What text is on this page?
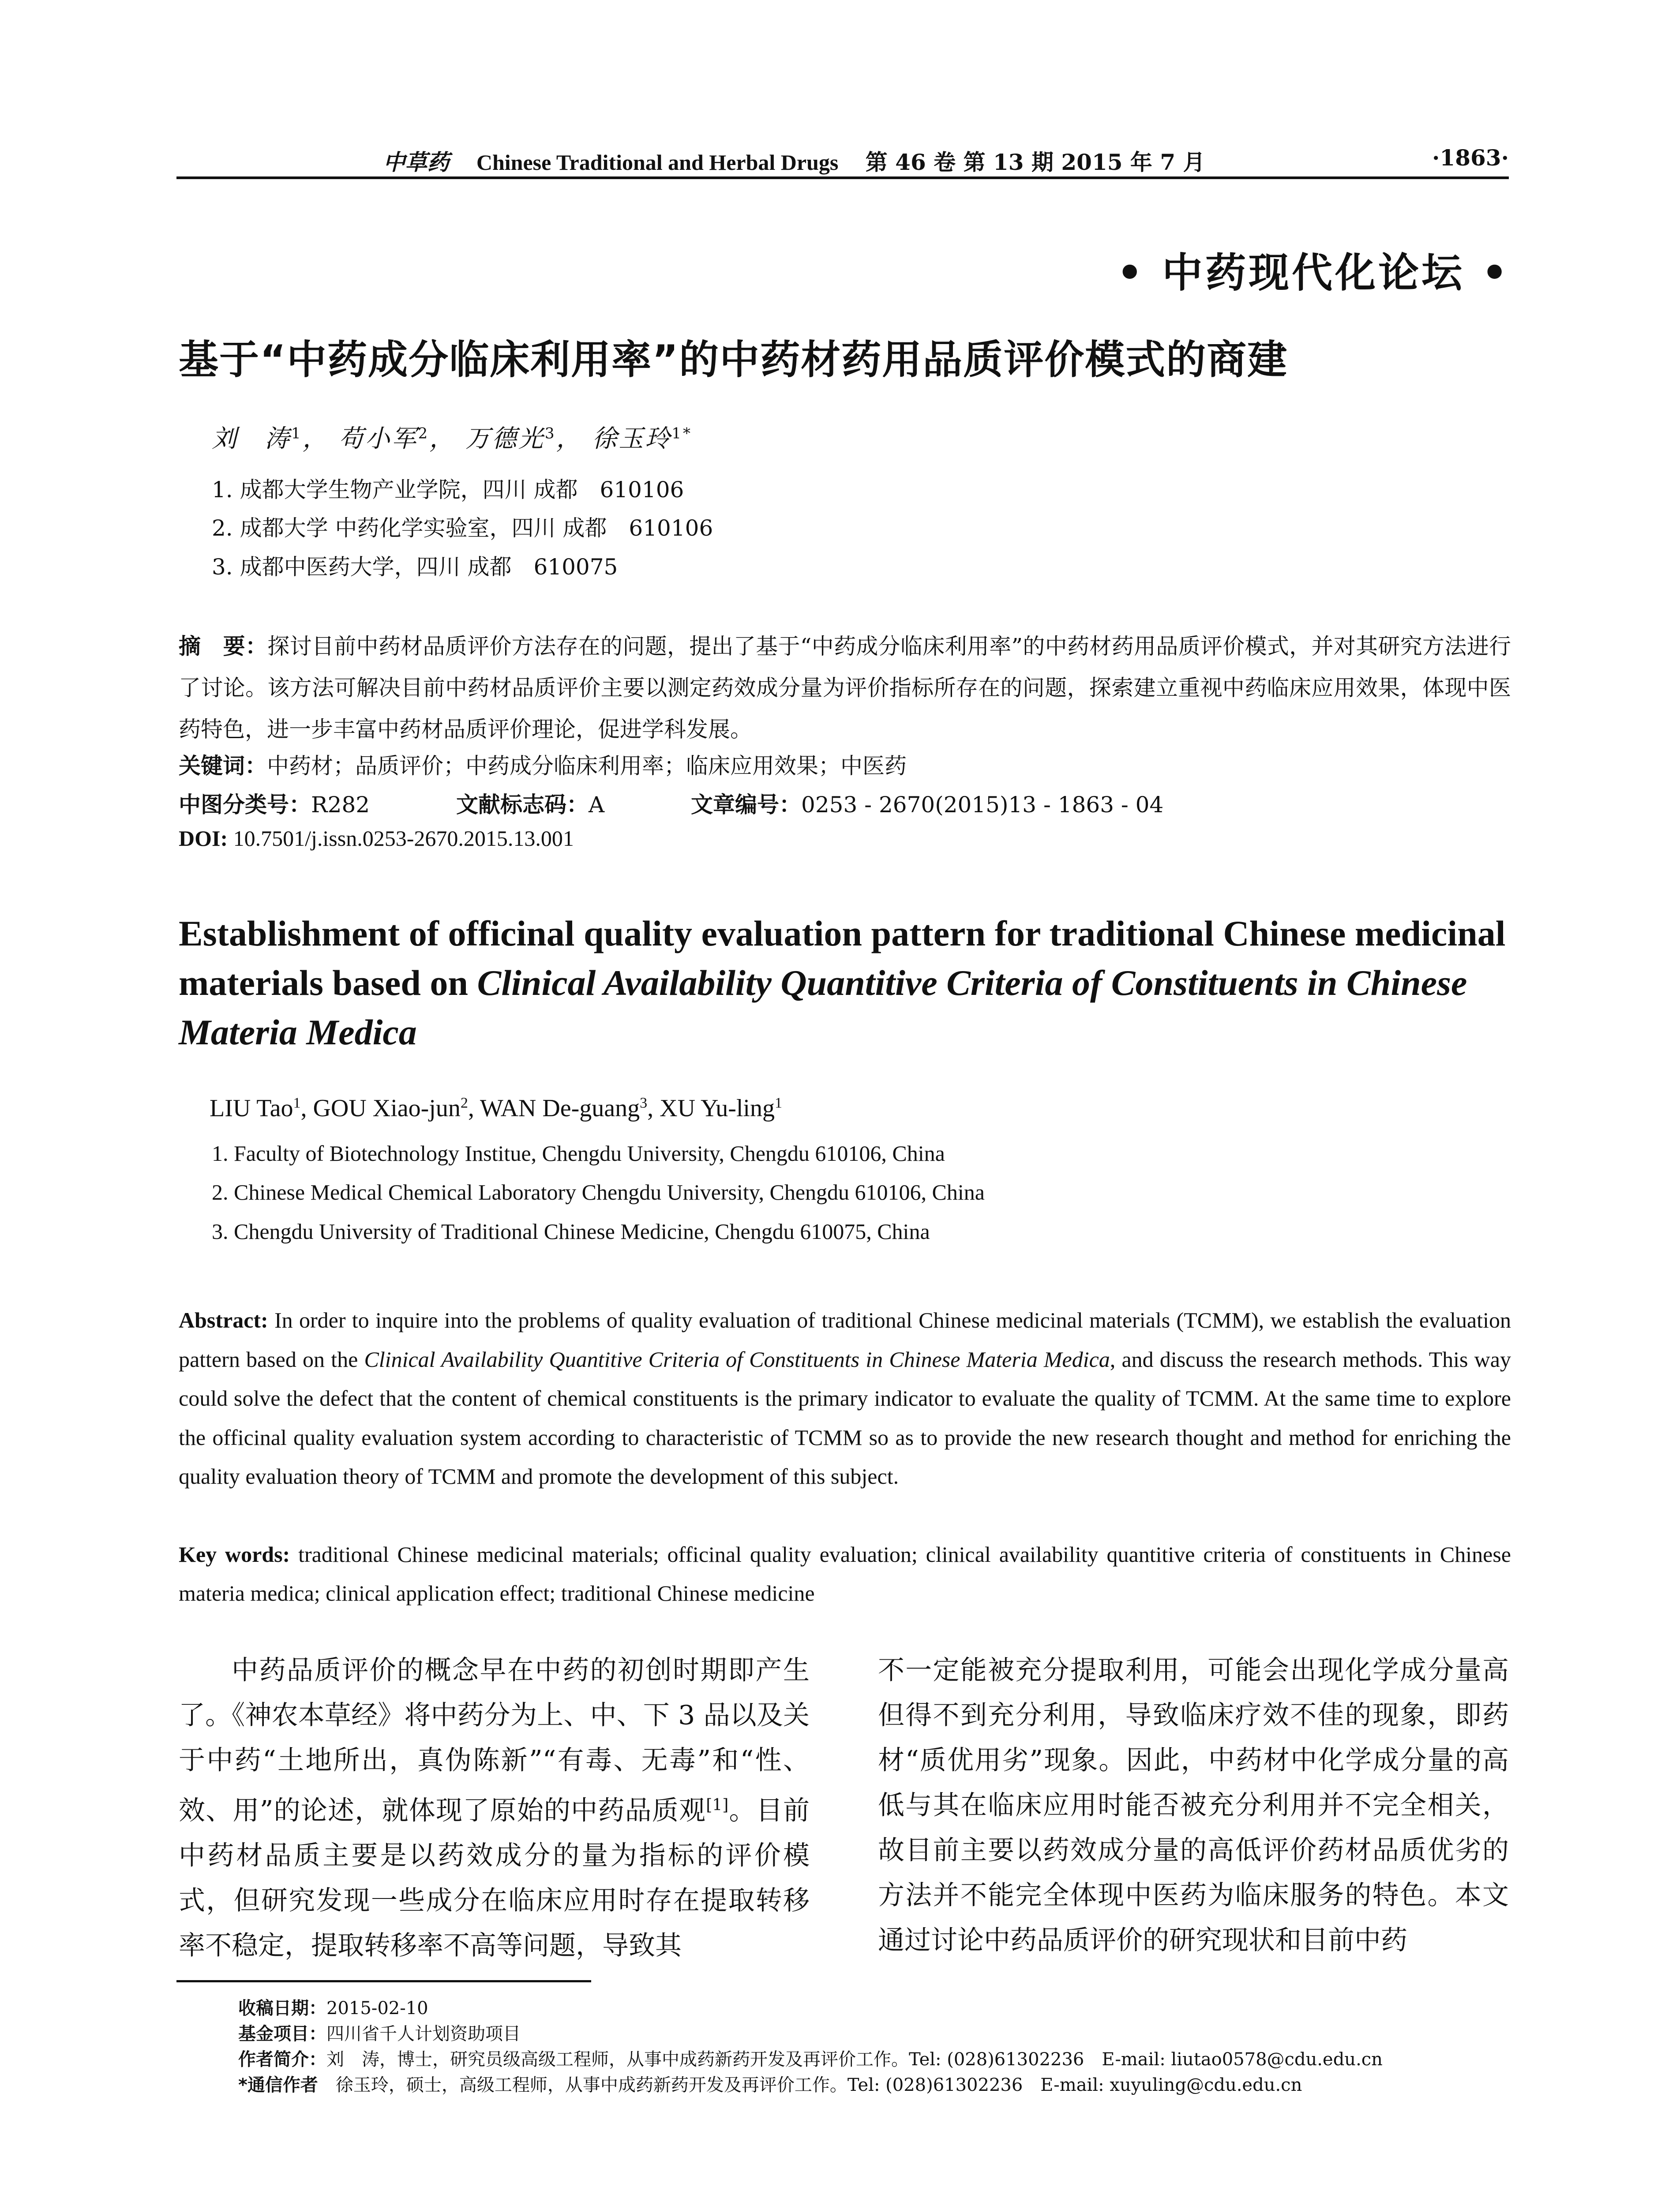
中草药 Chinese Traditional and Herbal Drugs 第 46 卷 第 13 期 2015 年 7 月	·1863·
• 中药现代化论坛 •
基于“中药成分临床利用率”的中药材药用品质评价模式的商建
刘　涛$^1$， 苟小军$^2$， 万德光$^3$， 徐玉玲$^{1*}$
1. 成都大学生物产业学院，四川 成都　610106
2. 成都大学 中药化学实验室，四川 成都　610106
3. 成都中医药大学，四川 成都　610075
摘　要：探讨目前中药材品质评价方法存在的问题，提出了基于“中药成分临床利用率”的中药材药用品质评价模式，并对其研究方法进行了讨论。该方法可解决目前中药材品质评价主要以测定药效成分量为评价指标所存在的问题，探索建立重视中药临床应用效果，体现中医药特色，进一步丰富中药材品质评价理论，促进学科发展。
关键词：中药材；品质评价；中药成分临床利用率；临床应用效果；中医药
中图分类号：R282	文献标志码：A	文章编号：0253 - 2670(2015)13 - 1863 - 04
DOI: 10.7501/j.issn.0253-2670.2015.13.001
Establishment of officinal quality evaluation pattern for traditional Chinese medicinal materials based on Clinical Availability Quantitive Criteria of Constituents in Chinese Materia Medica
LIU Tao$^1$, GOU Xiao-jun$^2$, WAN De-guang$^3$, XU Yu-ling$^1$
1. Faculty of Biotechnology Institue, Chengdu University, Chengdu 610106, China
2. Chinese Medical Chemical Laboratory Chengdu University, Chengdu 610106, China
3. Chengdu University of Traditional Chinese Medicine, Chengdu 610075, China
Abstract: In order to inquire into the problems of quality evaluation of traditional Chinese medicinal materials (TCMM), we establish the evaluation pattern based on the Clinical Availability Quantitive Criteria of Constituents in Chinese Materia Medica, and discuss the research methods. This way could solve the defect that the content of chemical constituents is the primary indicator to evaluate the quality of TCMM. At the same time to explore the officinal quality evaluation system according to characteristic of TCMM so as to provide the new research thought and method for enriching the quality evaluation theory of TCMM and promote the development of this subject.
Key words: traditional Chinese medicinal materials; officinal quality evaluation; clinical availability quantitive criteria of constituents in Chinese materia medica; clinical application effect; traditional Chinese medicine
中药品质评价的概念早在中药的初创时期即产生了。《神农本草经》将中药分为上、中、下 3 品以及关于中药“土地所出，真伪陈新”“有毒、无毒”和“性、效、用”的论述，就体现了原始的中药品质观[1]。目前中药材品质主要是以药效成分的量为指标的评价模式，但研究发现一些成分在临床应用时存在提取转移率不稳定，提取转移率不高等问题，导致其
不一定能被充分提取利用，可能会出现化学成分量高但得不到充分利用，导致临床疗效不佳的现象，即药材“质优用劣”现象。因此，中药材中化学成分量的高低与其在临床应用时能否被充分利用并不完全相关，故目前主要以药效成分量的高低评价药材品质优劣的方法并不能完全体现中医药为临床服务的特色。本文通过讨论中药品质评价的研究现状和目前中药
收稿日期：2015-02-10
基金项目：四川省千人计划资助项目
作者简介：刘　涛，博士，研究员级高级工程师，从事中成药新药开发及再评价工作。Tel: (028)61302236　E-mail: liutao0578@cdu.edu.cn
*通信作者　徐玉玲，硕士，高级工程师，从事中成药新药开发及再评价工作。Tel: (028)61302236　E-mail: xuyuling@cdu.edu.cn
